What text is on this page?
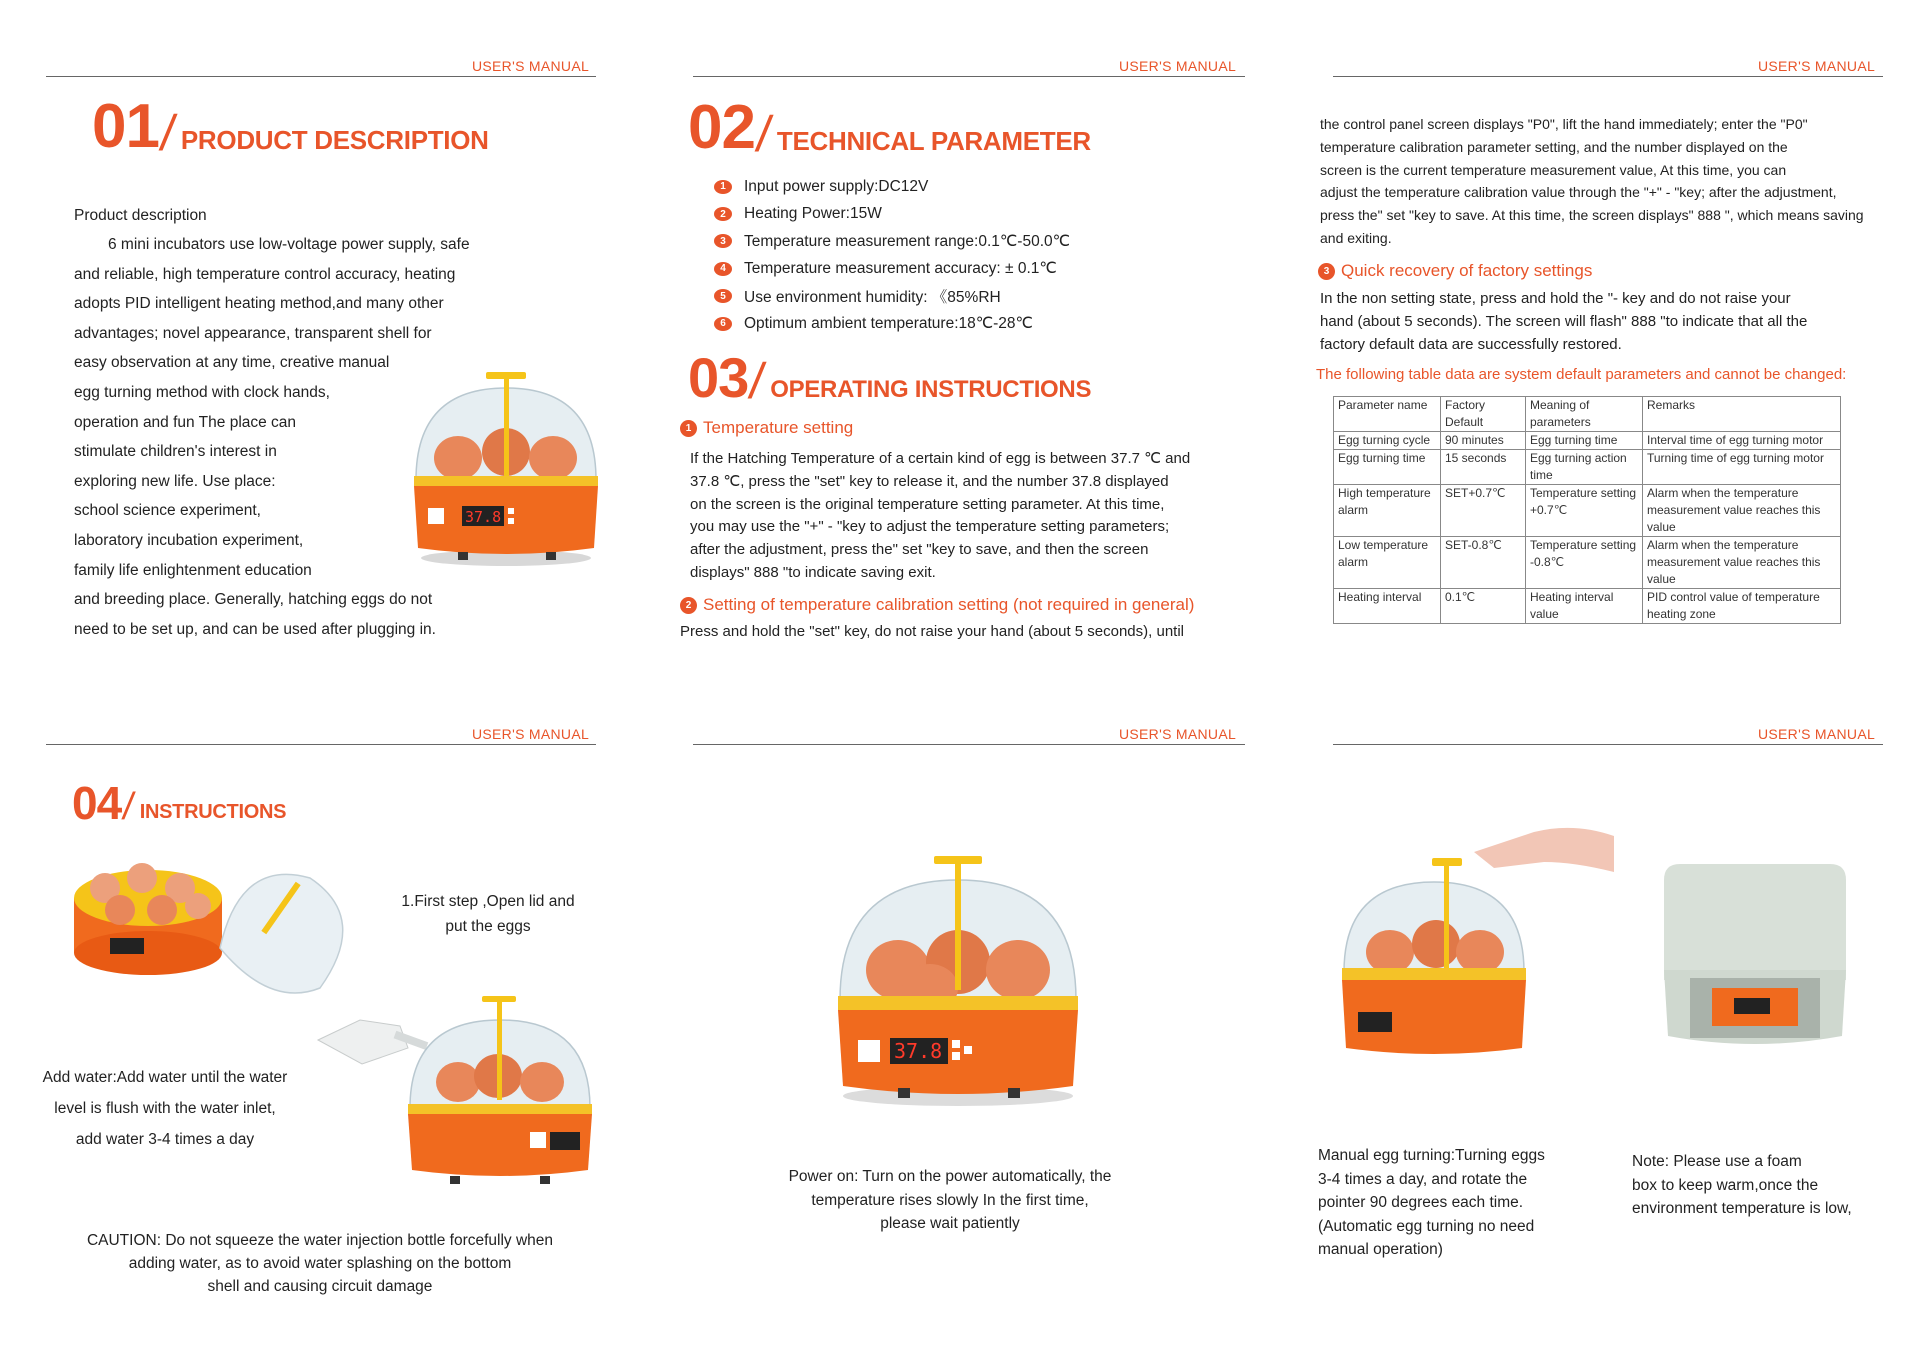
USER'S MANUAL
01
/ PRODUCT DESCRIPTION
Product description
6 mini incubators use low-voltage power supply, safe
and reliable, high temperature control accuracy, heating
adopts PID intelligent heating method,and many other
advantages; novel appearance, transparent shell for
easy observation at any time, creative manual
egg turning method with clock hands,
operation and fun The place can
stimulate children's interest in
exploring new life. Use place:
school science experiment,
laboratory incubation experiment,
family life enlightenment education
and breeding place. Generally, hatching eggs do not
need to be set up, and can be used after plugging in.
37.8
USER'S MANUAL
02
/ TECHNICAL PARAMETER
1	Input power supply:DC12V
2	Heating Power:15W
3	Temperature measurement range:0.1℃-50.0℃
4	Temperature measurement accuracy: ± 0.1℃
5	Use environment humidity: 《85%RH
6	Optimum ambient temperature:18℃-28℃
03
/ OPERATING INSTRUCTIONS
1 Temperature setting
If the Hatching Temperature of a certain kind of egg is between 37.7 ℃ and
37.8 ℃, press the "set" key to release it, and the number 37.8 displayed
on the screen is the original temperature setting parameter. At this time,
you may use the "+" - "key to adjust the temperature setting parameters;
after the adjustment, press the" set "key to save, and then the screen
displays" 888 "to indicate saving exit.
2 Setting of temperature calibration setting (not required in general)
Press and hold the "set" key, do not raise your hand (about 5 seconds), until
USER'S MANUAL
the control panel screen displays "P0", lift the hand immediately; enter the "P0"
temperature calibration parameter setting, and the number displayed on the
screen is the current temperature measurement value, At this time, you can
adjust the temperature calibration value through the "+" - "key; after the adjustment,
press the" set "key to save. At this time, the screen displays" 888 ", which means saving
and exiting.
3 Quick recovery of factory settings
In the non setting state, press and hold the "- key and do not raise your
hand (about 5 seconds). The screen will flash" 888 "to indicate that all the
factory default data are successfully restored.
The following table data are system default parameters and cannot be changed:
Parameter name	Factory Default	Meaning of parameters	Remarks
Egg turning cycle	90 minutes	Egg turning time	Interval time of egg turning motor
Egg turning time	15 seconds	Egg turning action time	Turning time of egg turning motor
High temperature alarm	SET+0.7℃	Temperature setting +0.7℃	Alarm when the temperature measurement value reaches this value
Low temperature alarm	SET-0.8℃	Temperature setting -0.8℃	Alarm when the temperature measurement value reaches this value
Heating interval	0.1℃	Heating interval value	PID control value of temperature heating zone
USER'S MANUAL
04 / INSTRUCTIONS
1.First step ,Open lid and
put the eggs
Add water:Add water until the water
level is flush with the water inlet,
add water 3-4 times a day
CAUTION: Do not squeeze the water injection bottle forcefully when
adding water, as to avoid water splashing on the bottom
shell and causing circuit damage
USER'S MANUAL
37.8
Power on: Turn on the power automatically, the
temperature rises slowly In the first time,
please wait patiently
USER'S MANUAL
Manual egg turning:Turning eggs
3-4 times a day, and rotate the
pointer 90 degrees each time.
(Automatic egg turning no need
manual operation)
Note: Please use a foam
box to keep warm,once the
environment temperature is low,
